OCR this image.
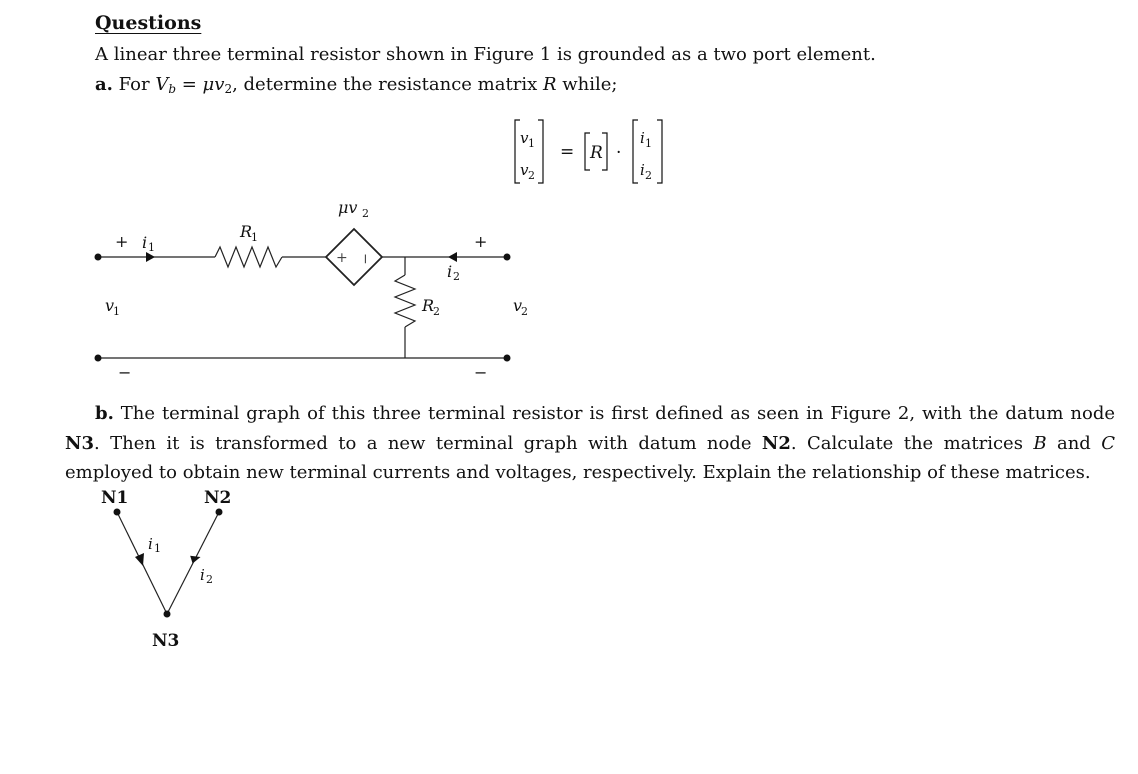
Questions
A linear three terminal resistor shown in Figure 1 is grounded as a two port element.
a. For $V_b = \mu v_2$, determine the resistance matrix R while;
v 1
v 2
= R ·
i 1
i 2
+ i 1
R
1
μv 2
+ −
+
i 2
R
2
v
1	v
2
−	−
b. The terminal graph of this three terminal resistor is first defined as seen in Figure 2, with the datum node N3. Then it is transformed to a new terminal graph with datum node N2. Calculate the matrices B and C employed to obtain new terminal currents and voltages, respectively. Explain the relationship of these matrices.
N1	N2
N3
i 1
i 2
